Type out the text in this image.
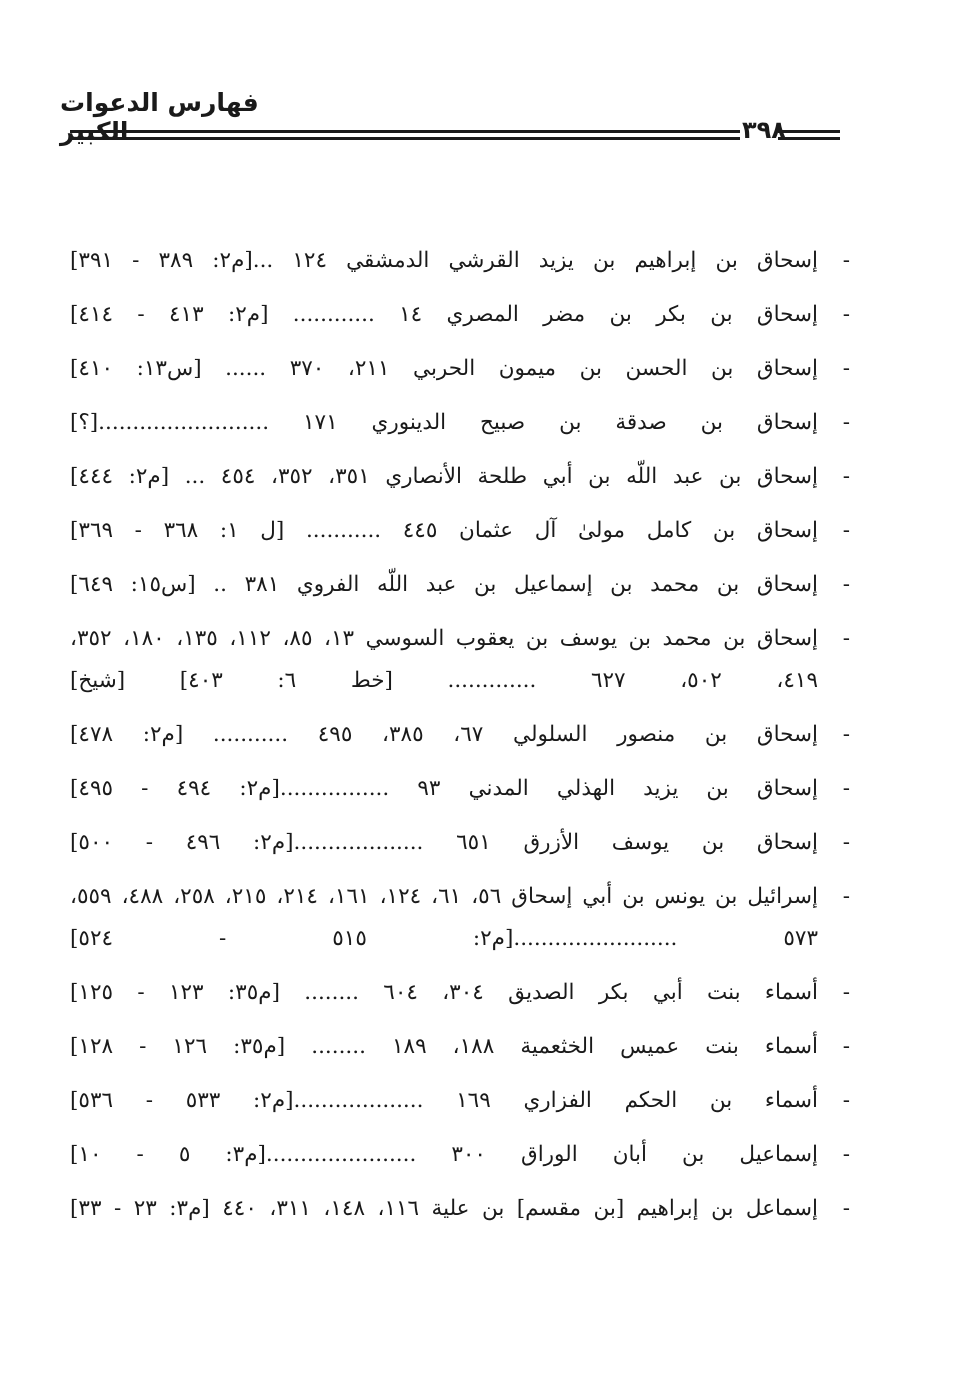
فهارس الدعوات الكبير	٣٩٨
-
إسحاق بن إبراهيم بن يزيد القرشي الدمشقي ١٢٤ ...[م٢: ٣٨٩ - ٣٩١]
-
إسحاق بن بكر بن مضر المصري ١٤ ............ [م٢: ٤١٣ - ٤١٤]
-
إسحاق بن الحسن بن ميمون الحربي ٢١١، ٣٧٠ ...... [س١٣: ٤١٠]
-
إسحاق بن صدقة بن صبيح الدينوري ١٧١ .........................[؟]
-
إسحاق بن عبد اللّه بن أبي طلحة الأنصاري ٣٥١، ٣٥٢، ٤٥٤ ... [م٢: ٤٤٤]
-
إسحاق بن كامل مولىٰ آل عثمان ٤٤٥ ........... [ل ١: ٣٦٨ - ٣٦٩]
-
إسحاق بن محمد بن إسماعيل بن عبد اللّه الفروي ٣٨١ .. [س١٥: ٦٤٩]
-
إسحاق بن محمد بن يوسف بن يعقوب السوسي ١٣، ٨٥، ١١٢، ١٣٥، ١٨٠، ٣٥٢، ٤١٩، ٥٠٢، ٦٢٧ ............. [خط ٦: ٤٠٣] [شيخ]
-
إسحاق بن منصور السلولي ٦٧، ٣٨٥، ٤٩٥ ........... [م٢: ٤٧٨]
-
إسحاق بن يزيد الهذلي المدني ٩٣ ................[م٢: ٤٩٤ - ٤٩٥]
-
إسحاق بن يوسف الأزرق ٦٥١ ...................[م٢: ٤٩٦ - ٥٠٠]
-
إسرائيل بن يونس بن أبي إسحاق ٥٦، ٦١، ١٢٤، ١٦١، ٢١٤، ٢١٥، ٢٥٨، ٤٨٨، ٥٥٩، ٥٧٣ ........................[م٢: ٥١٥ - ٥٢٤]
-
أسماء بنت أبي بكر الصديق ٣٠٤، ٦٠٤ ........ [م٣٥: ١٢٣ - ١٢٥]
-
أسماء بنت عميس الخثعمية ١٨٨، ١٨٩ ........ [م٣٥: ١٢٦ - ١٢٨]
-
أسماء بن الحكم الفزاري ١٦٩ ...................[م٢: ٥٣٣ - ٥٣٦]
-
إسماعيل بن أبان الوراق ٣٠٠ ......................[م٣: ٥ - ١٠]
-
إسماعل بن إبراهيم [بن مقسم] بن علية ١١٦، ١٤٨، ٣١١، ٤٤٠ [م٣: ٢٣ - ٣٣]
